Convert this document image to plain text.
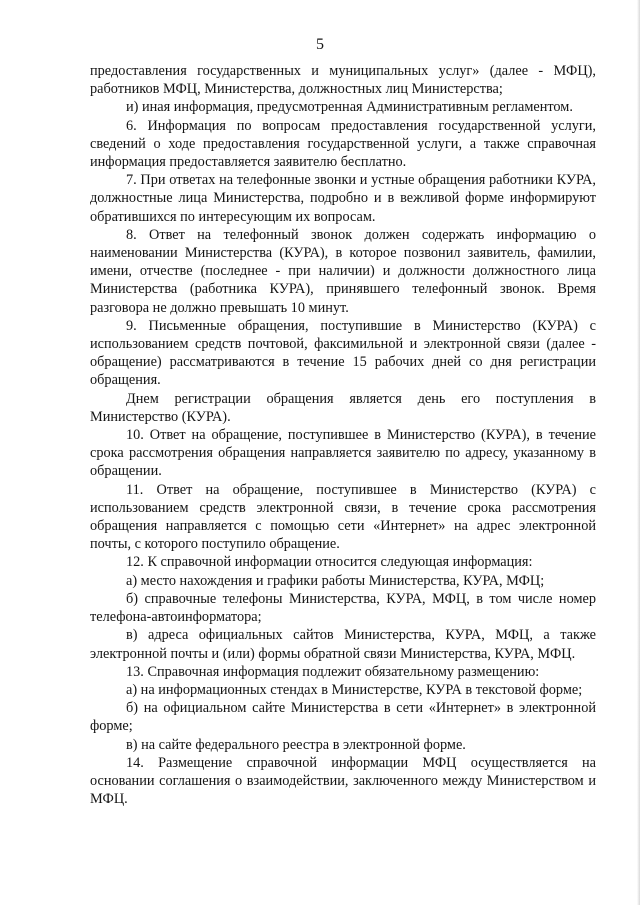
5

предоставления государственных и муниципальных услуг» (далее - МФЦ), работников МФЦ, Министерства, должностных лиц Министерства;

и) иная информация, предусмотренная Административным регламентом.

6. Информация по вопросам предоставления государственной услуги, сведений о ходе предоставления государственной услуги, а также справочная информация предоставляется заявителю бесплатно.

7. При ответах на телефонные звонки и устные обращения работники КУРА, должностные лица Министерства, подробно и в вежливой форме информируют обратившихся по интересующим их вопросам.

8. Ответ на телефонный звонок должен содержать информацию о наименовании Министерства (КУРА), в которое позвонил заявитель, фамилии, имени, отчестве (последнее - при наличии) и должности должностного лица Министерства (работника КУРА), принявшего телефонный звонок. Время разговора не должно превышать 10 минут.

9. Письменные обращения, поступившие в Министерство (КУРА) с использованием средств почтовой, факсимильной и электронной связи (далее - обращение) рассматриваются в течение 15 рабочих дней со дня регистрации обращения.

Днем регистрации обращения является день его поступления в Министерство (КУРА).

10. Ответ на обращение, поступившее в Министерство (КУРА), в течение срока рассмотрения обращения направляется заявителю по адресу, указанному в обращении.

11. Ответ на обращение, поступившее в Министерство (КУРА) с использованием средств электронной связи, в течение срока рассмотрения обращения направляется с помощью сети «Интернет» на адрес электронной почты, с которого поступило обращение.

12. К справочной информации относится следующая информация:

а) место нахождения и графики работы Министерства, КУРА, МФЦ;

б) справочные телефоны Министерства, КУРА, МФЦ, в том числе номер телефона-автоинформатора;

в) адреса официальных сайтов Министерства, КУРА, МФЦ, а также электронной почты и (или) формы обратной связи Министерства, КУРА, МФЦ.

13. Справочная информация подлежит обязательному размещению:

а) на информационных стендах в Министерстве, КУРА в текстовой форме;

б) на официальном сайте Министерства в сети «Интернет» в электронной форме;

в) на сайте федерального реестра в электронной форме.

14. Размещение справочной информации МФЦ осуществляется на основании соглашения о взаимодействии, заключенного между Министерством и МФЦ.
